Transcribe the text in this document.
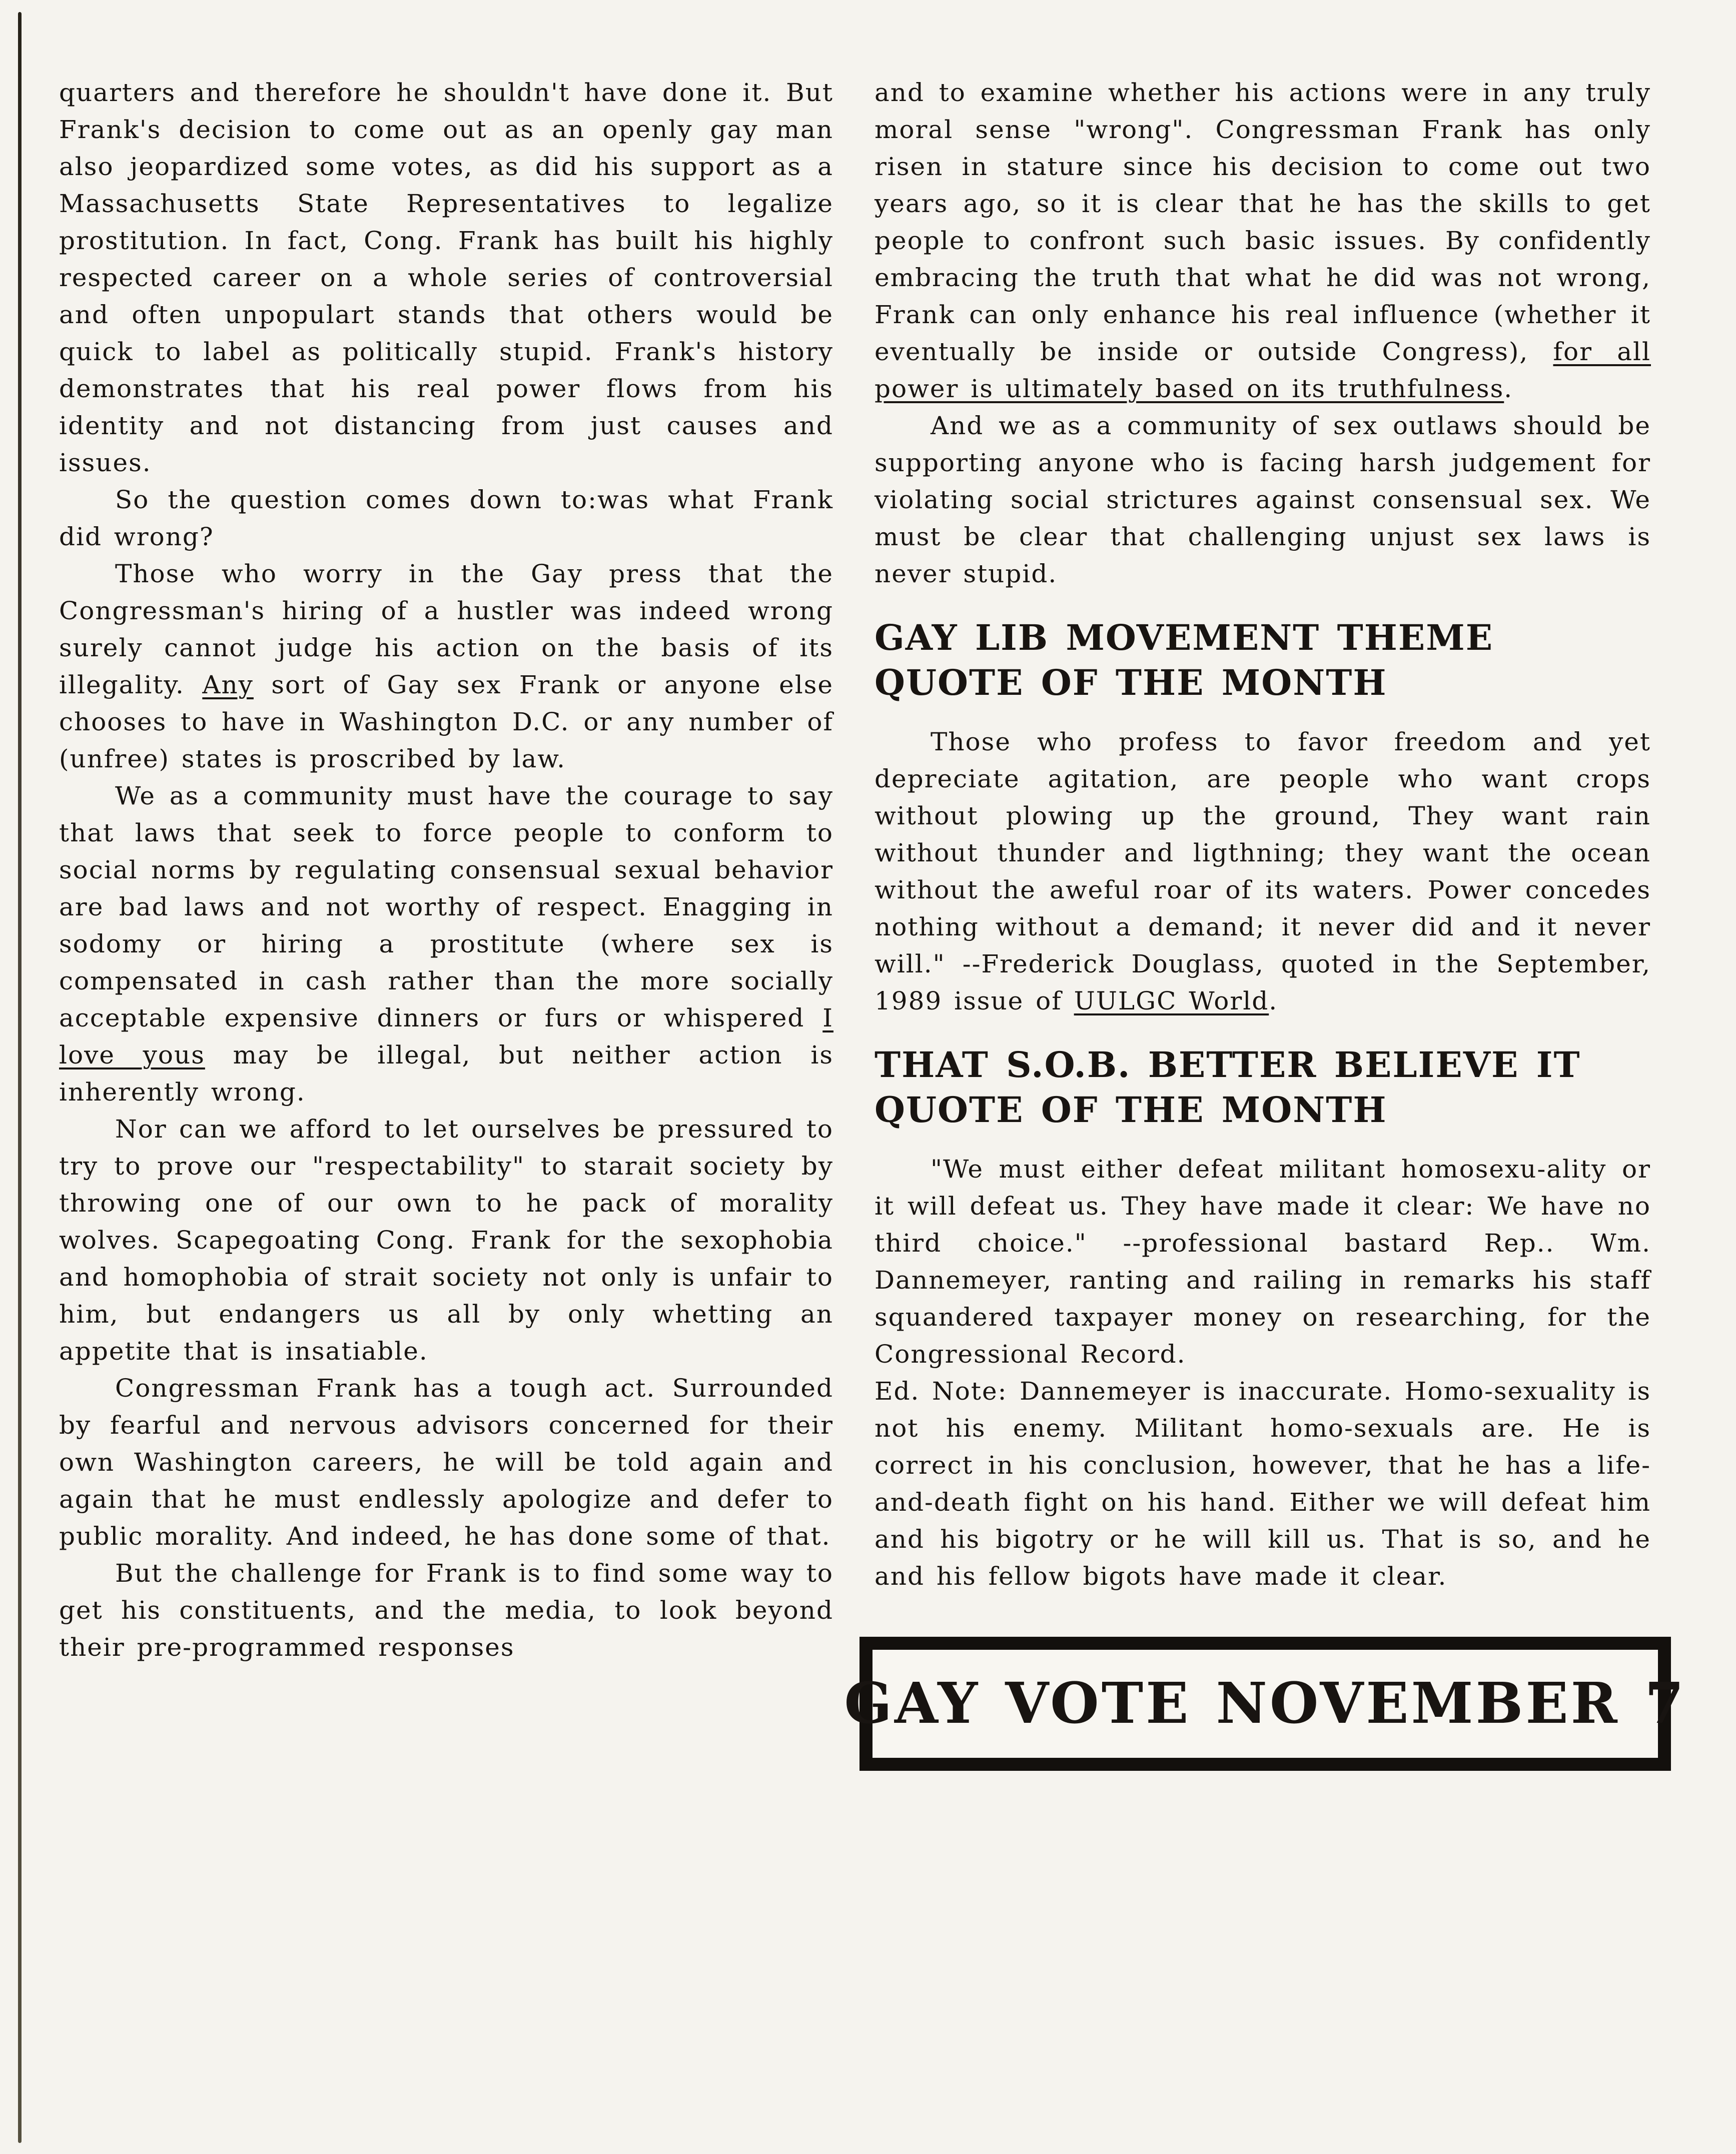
quarters and therefore he shouldn't have done it. But Frank's decision to come out as an openly gay man also jeopardized some votes, as did his support as a Massachusetts State Representatives to legalize prostitution. In fact, Cong. Frank has built his highly respected career on a whole series of controversial and often unpopulart stands that others would be quick to label as politically stupid. Frank's history demonstrates that his real power flows from his identity and not distancing from just causes and issues.

So the question comes down to:was what Frank did wrong?

Those who worry in the Gay press that the Congressman's hiring of a hustler was indeed wrong surely cannot judge his action on the basis of its illegality. Any sort of Gay sex Frank or anyone else chooses to have in Washington D.C. or any number of (unfree) states is proscribed by law.

We as a community must have the courage to say that laws that seek to force people to conform to social norms by regulating consensual sexual behavior are bad laws and not worthy of respect. Enagging in sodomy or hiring a prostitute (where sex is compensated in cash rather than the more socially acceptable expensive dinners or furs or whispered I love yous may be illegal, but neither action is inherently wrong.

Nor can we afford to let ourselves be pressured to try to prove our "respectability" to starait society by throwing one of our own to he pack of morality wolves. Scapegoating Cong. Frank for the sexophobia and homophobia of strait society not only is unfair to him, but endangers us all by only whetting an appetite that is insatiable.

Congressman Frank has a tough act. Surrounded by fearful and nervous advisors concerned for their own Washington careers, he will be told again and again that he must endlessly apologize and defer to public morality. And indeed, he has done some of that.

But the challenge for Frank is to find some way to get his constituents, and the media, to look beyond their pre-programmed responses

and to examine whether his actions were in any truly moral sense "wrong". Congressman Frank has only risen in stature since his decision to come out two years ago, so it is clear that he has the skills to get people to confront such basic issues. By confidently embracing the truth that what he did was not wrong, Frank can only enhance his real influence (whether it eventually be inside or outside Congress), for all power is ultimately based on its truthfulness.

And we as a community of sex outlaws should be supporting anyone who is facing harsh judgement for violating social strictures against consensual sex. We must be clear that challenging unjust sex laws is never stupid.

GAY LIB MOVEMENT THEME
QUOTE OF THE MONTH

Those who profess to favor freedom and yet depreciate agitation, are people who want crops without plowing up the ground, They want rain without thunder and ligthning; they want the ocean without the aweful roar of its waters. Power concedes nothing without a demand; it never did and it never will." --Frederick Douglass, quoted in the September, 1989 issue of UULGC World.

THAT S.O.B. BETTER BELIEVE IT
QUOTE OF THE MONTH

"We must either defeat militant homosexu-ality or it will defeat us. They have made it clear: We have no third choice." --professional bastard Rep.. Wm. Dannemeyer, ranting and railing in remarks his staff squandered taxpayer money on researching, for the Congressional Record.

Ed. Note: Dannemeyer is inaccurate. Homo-sexuality is not his enemy. Militant homo-sexuals are. He is correct in his conclusion, however, that he has a life-and-death fight on his hand. Either we will defeat him and his bigotry or he will kill us. That is so, and he and his fellow bigots have made it clear.

GAY VOTE NOVEMBER 7
